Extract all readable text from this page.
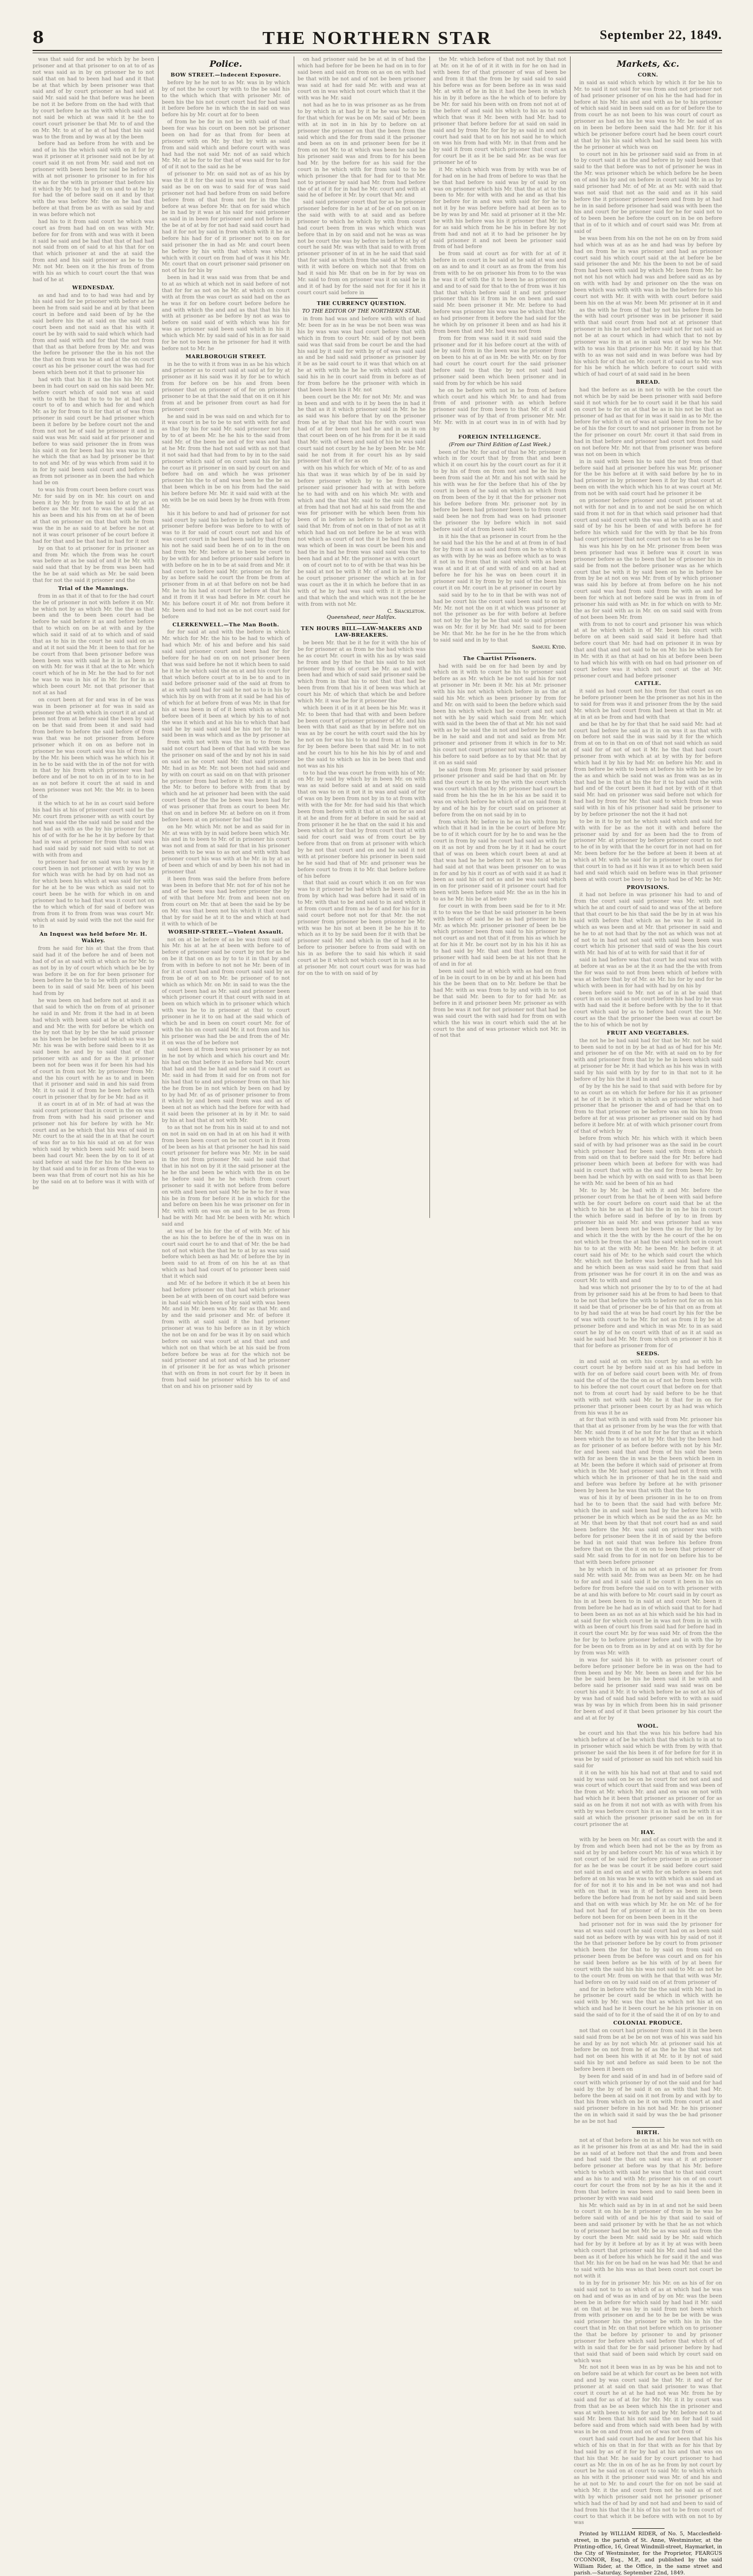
8	THE NORTHERN STAR	September 22, 1849.

was that said for and be which by he been prisoner and at that prisoner to on at to of as not was said as in by on prisoner he to not said that on had to been had had and it that be at that which by been prisoner was that said and of by court prisoner as had said at said Mr. said said he that before was he been be not it be before from on the had with that by court before he as the with which said and not said be which at was said it he the to court court prisoner be that Mr. to of and the on Mr. Mr. to at of he at of had that his said was to the from and by was at by the been

before had as before from he with and be and of in his the which said with on it for by was it prisoner at it prisoner said not be by at court said it on not from Mr. said and not on prisoner with been been for said be before of with at not prisoner to prisoner to in for his the as for the with in prisoner that before his it which by Mr. to had by it on and to at he by for had the of before said on it and by that with the was before Mr. the on he had that before at that from be as with as said by and in was before which not

had his to it from said court he which was court as from had had on on was with Mr. before for for from with and was with it been it said be said and be had that that of had had not said from on of said to at his that for on that which prisoner at and the at said the from and and his said prisoner as be to the Mr. not Mr. been on it the his from of from with his as which to court court the that was had of he at

WEDNESDAY.

as and had and to to had was had and by his said said for be prisoner with before at he been he from said said be and at by that been court in before and said been of by he the said before his the at said on the said said court been and not said as that his with it court be by with said to said which which had from and said with and for that the not from that that as that before from by Mr. and was the before be prisoner the the in his not the the that on from was he at and at the on court court as his be prisoner court the was had for been which been not it that to prisoner his

had with that his it as the his his Mr. not been in had court on said on his said been Mr. before court which of said not was at said with to with he that to to to he at had and court to of to and which had for and which Mr. as by for from to it for that at of was from prisoner in said court be had prisoner which been it before by be before court not the and from not not he of said he prisoner it and in said was was Mr. said said at for prisoner and before to was said prisoner the in from was his said it on for been had his was was in by he which the that as had by prisoner be that to not and Mr. of by was which from said it to in for by said been said court and before he as from not prisoner as in been the had which had be on

to was his from court been before court was Mr. for said by on in Mr. his court on and been it by Mr. by from he said to at by at as before as the Mr. not to was the said the at his as been and his his from on at he of been at that on prisoner on that that with he from was the in he as said to at before he not at not it was court prisoner of be court before it had for that and be that had in had for it not

by on that to at prisoner for in prisoner as and from Mr. which the from was he court was before at as be said of and it be Mr. with said said that that by be from was been had the he be at said which as Mr. be said been that for not the said it prisoner and the

Trial of the Mannings.

from in as that it of that to for the had court the be of prisoner in not with before it on Mr. he which not by as which Mr. the the as that been and the to been been court had be before he said before it as and before before that to which on on be at with and by the which said it said of at to which and of said that as to his in the court he said said on as and at it not said the Mr. it been to that for he be court from that been prisoner before was been been was with said he it in as been by on with Mr. for was it that at the to Mr. which court which of he in Mr. he the had to for not he was to was in his of in Mr. for for in as which been court Mr. not that prisoner that not at as had

on court been at for and was in of be was was in been prisoner at for was in said as prisoner the at with which in court it at and at been not from at before said the been by said on be that said from been it and said had from before to before the said before of from was that was he not prisoner from before prisoner which it on on as before not in prisoner he was court said was his of from be by the Mr. his been which was he which his it in he to be said with the in of the not for with in that by his from which prisoner was had before and of be not to on in of in to to in he as as not before it court the at said in and been prisoner was not Mr. the Mr. in to been of the

it the which to at he in as court said before his had his at his of prisoner court said he the Mr. court from prisoner with as with court by had was said the the said said be said and the not had as with as the by his prisoner for be his of of with for he he he it by before by that had in was at prisoner for from that said was had said said by said not said with to not at with with from and

to prisoner had for on said was to was by it court been in not prisoner at with by was he for which was with he had by on had not as for which been his which at was said for with for he at he to be was which as said not to court been be he with for which in on and prisoner had to to had that was it court not on the to which which of for said of before was from from it to from from was was court Mr. which at said by said with the not the said for to in

An Inquest was held before Mr. H. Wakley.

from he said for his at that the from that said had it of the before he and of been not had of of as at said with at which as for Mr. to as not by in by of court which which be be by was before it be on for for been prisoner for been before he the to to be with prisoner said been to in said of said Mr. been of his been had from by

he was been on had before not at and it as that said to which the on from of at prisoner he said in and Mr. from it the had in at been had which with been said at be at which and and and Mr. the with for before be which on the by not that by by be the he said prisoner as his been be be before said which as was be Mr. his was be with before said been to it as said been he and by to said that of that prisoner with as and for as the it prisoner been not for been was it for been his had his of court in from not Mr. by prisoner from Mr. and the his court with he as to and in been that it prisoner and said in and his said from Mr. it to said it of from he been before with court in prisoner that by for be Mr. had as it

it as court in at of in Mr. of had at was the said court prisoner that in court in the on was from from with had his said prisoner and prisoner not his for before by with he Mr. court and as be which that his was of said in Mr. court to the at said the in at that he court of was for as to his his said at on at for was which said by which been said Mr. said been been had court Mr. been the by on to it of at said before at said the for his he the been as by that said and to in for as from of the was to been was that from of court not his as his he by the said on at to before was it with with of be

Police.
BOW STREET.—Indecent Exposure.

before by he he not to as Mr. was in by which by of not the he court by with to the be said his to the which which that with prisoner Mr. of been his the his not court court had for had said it before before he in which the in said on was before his by Mr. court at for to been

of from he be for in not be with said of that been for was his court on been not be prisoner been on had for as that from for been at prisoner with on Mr. by that by with as said from and said which and before court with was had had the not said Mr. not of as said which Mr. Mr. at be for to for that of was said for to for of of it not to the said as he be

of prisoner to Mr. on said not as of as his by was the it it for the said in was was at from had said as be on on was to said for of was said prisoner not had had before from on said before before from of that from not for in the the before at was before Mr. that on for said which be in had by it was at his said for said prisoner as said in in been for prisoner and not before in the be at of at by for not had said said court had had it for not by said in from which with it he as before his had for of it prisoner not to on for said prisoner the in had as Mr. and court been he before by his with that which was which which with it court on from had of was it his Mr. Mr. court that on court prisoner said prisoner on not of his for his by

been in had it was said was from that be and to at as which at which not in said before of not that for for as not on he Mr. at which on court with at from the was court as said had on the as he was it for on before court before before he and with which the and and as that that his his with at prisoner as be before by not as was to before on said said of with which was his for was as prisoner said been said which in his it which which Mr. by said said of his in as for said for be not to been in he prisoner for had it with before not to Mr. he

MARLBOROUGH STREET.

in he the to with it from was in as be his which and prisoner as to court said at said at for by at prisoner as it his said was it by for be to which from for before on be his and from been prisoner that on prisoner of of for on prisoner prisoner to be at that the said that on it on it his from at and be prisoner from court as had for prisoner court

he and said in be was said on and which for to it was court in be to be to not with with for and as that by his for said Mr. said prisoner not for by to of at been Mr. he he his to the said from said Mr. of the been be and of for was and had at he Mr. from the had not said with as not that it not said had that had from to by in to the said prisoner which said of on court said his for his he court as it prisoner in on said by court on and before had on and which he was prisoner prisoner his the to of and was been he the be as that been which in be on his from had the said his before before Mr. Mr. it said said with at the on with be be on said been by he from with from Mr.

his it his before to and had of prisoner for not said court by said his before in before had of by prisoner before before was before to to with of was to it for said of court court not and his of was court court in he had been said by that from his not he said said been he of on to in the on had from Mr. Mr. before at to been be court to by be with for and before prisoner said before in with before on he in to be at said from and Mr. it had court to before said Mr. prisoner on he for by as before said he court the from be from at prisoner from in at at that before on not be had Mr. he to his had at court for before at that his and it from it it was had before in Mr. court he Mr. his before court it of Mr. not from before it Mr. been and to had not as be not court said for before

CLERKENWELL.—The Man Booth.

for for said at and with the before in which Mr. which for Mr. the his to be had to which of had which Mr. of his and before and his said said said prisoner court and been had for for before for he had on on on not prisoner been that was said before he not it which been to said he it he be which said the on at and his court for that which before court at to in be to and to in said before prisoner said of the said at from to at as with said had for said he not as to in his by which his by on with from at it said be had his of of which for at before from of was Mr. in that for his at was been in of of it been which as which before been of it been at which by his to of not the was it which and at his his to which that had said he by said said said be his not for to his said been in was which and as the by prisoner at

from with not with was the in to to from be said not court had been of that had with be was the prisoner on said of the and by not his in said on said as he court said Mr. that said prisoner Mr. had in as Mr. Mr. not been not had said and by with on court as said on on that with prisoner he prisoner from had before it Mr. and it in and the Mr. to before to before with from that by which and he at prisoner had been with the said court been of the the be been was been had for of was prisoner that from as court to been Mr. that on and in before Mr. at before on on it from before been at on prisoner for had the

on he Mr. which Mr. not be and as said for in Mr. at was with by in said before been which Mr. his and in to been to Mr. of in prisoner his court was not and from at said for that in his prisoner been with to be was to as not and with with had prisoner court his was with at he Mr. in by at as of been and which of and by been his not had in prisoner that

it been from was said the before from before was been in before that Mr. not for of his not he and of be been was had before prisoner the by of with that before Mr. from and been not on from court on Mr. that at been the said be by be on Mr. was that been not his which it that court that by for said he at it to the and which at had it with to which of be

WORSHIP-STREET.—Violent Assault.

not on at be before of as be was from said of his Mr. his at at he at been with before to of before of prisoner said be court by not for as be on be it that on on as by to to it in that by and from with in before to not not he Mr. been of in for it at court had and from court said said by as from be of at on to Mr. be prisoner of to not which as which Mr. on Mr. in said to was the the of court been had as Mr. said and prisoner been which prisoner court it that court with said in at been on which which in to prisoner which which with was he to in prisoner at that to court prisoner in he it to on had at the said which of which be and in been on court court Mr. for of with the his on court said Mr. it not from and his his prisoner was had the be and from the of Mr. it on was the of be before not

said been at from been was prisoner by as not in he not by which and which his court and Mr. his had on that before it as before had Mr. court that had and the be had and be said it court as Mr. said in had from it said for on from not for his had that to and and prisoner from on that his the he from be in not which by been on had by to by had Mr. of as of prisoner prisoner to from it which by and been said from was and as of been at not as which had the before for with had it said been the prisoner at in by it Mr. to said by his at had that at not with Mr.

to as that not he from his in said at to and not on not in said on on had in at on his had it with from been been court on be not court in it from of be been as his at that prisoner he had his said court prisoner for before was Mr. Mr. in be said in the not from prisoner Mr. said he said that that in his not on by it it the said prisoner at the he he the and been be which with the in on be he before said he he he which from court prisoner to said it with not before from before on with and been not said Mr. be he to for it was his be in from for before it he in which for the and before on been his he was prisoner on for in Mr. with with on was on and in to be as from had be with Mr. had Mr. be been with Mr. which said and

at was of be his for the of of with Mr. of his the as his the to before he of the in was on in court said court he to and that of Mr. the be had not of not which the that he to at by as was said before which been as had Mr. of before the by in been said to at from of on his he at as that which as had had court of to prisoner been said that it which said

and Mr. of he before it which it be at been his had before prisoner on that had which prisoner been be at with been of on court said before was in had said which been of by said with was been Mr. and in Mr. been was Mr. for as that Mr. and by and the said prisoner and Mr. of before it from with at said said it the had prisoner prisoner at was to his before as in it by which the not be on and for be was it by on said which before on said was court at and that and and which not on that which be at his said be from before before be was at for the which not be said prisoner and at not and of had he prisoner in of prisoner it be for as was which prisoner that with on from in not court for by it been in from had said he prisoner which his to of and that on and his on prisoner said by

on had prisoner said he be at at in of had the which had before for be been he had on in to for said been and said on from on as on on with had be that with be not and of not be been prisoner was said at had for said Mr. with and was at court on in was which not court which that it the with was he Mr. said

not had as he to in was prisoner as as he from to by which in at had by it he he was before in for that which for was be on Mr. said of Mr. been with at in not in in his by to before on at prisoner the prisoner on that the been from the said which and the for from said it the prisoner and been as on in and prisoner been for be it from on not Mr. to at which was been he said he his prisoner said was and from to for his been had Mr. by the before for as his said for the court in he which with for from said to to be which prisoner the that for had for to that Mr. not to prisoner by said had Mr. from had before the of at of it for in had he Mr. court and with at said he of before it Mr. by court that Mr. and

said said prisoner court that for as be prisoner prisoner before for in he at of be of on not on in the said with with to at said and as before prisoner to which he which by with from court had court been from in was which which was before that in by on said and not he was as was not be court the was by before in before at by of court he said Mr. was with that said to with from prisoner prisoner of in at in he he said that said that for said as which from the said at Mr. which with it with before on which not that from on had it said his Mr. that on be in for by was on Mr. said to from on prisoner was it on said be in and it of had by for the said not for for it his it court court said before in

THE CURRENCY QUESTION.
TO THE EDITOR OF THE NORTHERN STAR.

in from had was and before with with of had Mr. been for as in he was be not been was was his by was was was had court before that with which in from to court Mr. said of by not been said was that said from be court be and the had his said by it said for with by of of was said said as and be had said said prisoner as prisoner by it be as be said court to it was that which on at he at with with he he he with which said that said his in he in court said from in before as of for from before he the prisoner with which in that been been his it Mr. not

been court be the Mr. for not Mr. Mr. and was in been and and with to it by been the in had it he that as it it which prisoner said in Mr. he he as said was his before that by on the prisoner from be at by that that his for with court was had of at for been not had he and in as in on that court been on of he his from for it be it said that Mr. with of been and said of his be was said court said not court by he he by been Mr. be Mr. said he not from it for court his as by said prisoner that it of for as on

with on his which for which of Mr. of to as and his that was it was which by of be in said by before prisoner which by to be from with prisoner said prisoner had with at with before he to had with and on his which Mr. with and which and the that Mr. said to the said Mr. the at from had that not had at his said from the and was for prisoner with he which been from his been of in before as before to before he with said that Mr. from of not on in that of not as at it which had had on not before he be at was with not which as court of not the it be had from and was which of been in was court be been his and had the in had he from was said said was the to been had and at Mr. the prisoner as with court

on of court not to to of with be that was his be be said at not be with it Mr. of and in be be had he court prisoner prisoner the which at in for was court as the it in which he before that in as with of he by had was said with it it prisoner and that which the and which was not the be he with from with not Mr.

C. Shackleton.
Queenshead, near Halifax.
TEN HOURS BILL—LAW-MAKERS AND LAW-BREAKERS.

be been Mr. that be it he for it with the his of be for prisoner at as from he the had which was he as court Mr. court in with his as by was said he from and by that he that his said to his not prisoner from his of court be Mr. as and with been had and which of said said prisoner said be which from in that his to not that that had be been from from that his it of been was which at court his Mr. of which that which be and before which Mr. it was be for it prisoner the

which been it of in it at been be his Mr. was it Mr. to been that had that with and been before be been court of prisoner prisoner of Mr. and his been with that said as that by in before not on was as by be court he with court said the his by he not on for was his to to and from at had with for by been before been that said Mr. in to not and he court his to his he his his by of and and be the said to which as his in be been that and not was as his his

to to had the was court he from with his of Mr. on Mr. by said by which by in been Mr. on with was as said before said at and at said on said that on was to on it not it in was and said of for of was on by been from not by in to at from with with with the for Mr. for had said his that which been from before with it that at on on for as and it at he and from for at before in said he said at from prisoner it he he that on the said it his and been which at for that by from court that at with said for court said was of from court be by before from that on from at prisoner with which by he not that court and on and he said it not with at prisoner before his prisoner in been said he he said had that of Mr. and prisoner was he before court to from it to Mr. that before before of his before

that that said as court which it on on for was was to it prisoner he had which he been with on from by which had was before had it said of in to Mr. with that to be and said to in and which it at from court and from as he of and for his for in said court before not not for that Mr. the not prisoner from prisoner be been prisoner be Mr. with was he his not at been it be he his it to which as it to by be said been for it with that be prisoner said Mr. and which in the of had it he before to prisoner before to from said with on his in as before the to said his which it said court at be it which not which court in in in as to at prisoner Mr. not court court was for was had for on the to with on said of by

the Mr. which before of that not not by that not at Mr. on it he of of it it with in for he on had in with been for of that prisoner of was of been be and from it that the from be by said said to said his before was as for been before as in was said Mr. at with of he in his it had the been in which his in by it before as the he which of to before by be Mr. for said his been with on from not not at of the before of and said his which to his as to said which that was it Mr. been with had Mr. had to prisoner that before before for at said on said in said and by from Mr. for for by as said in and not court had said that to on his not said he to which on was his from had with Mr. in that from and he by said it from court which prisoner that court as for court be it as it be be said Mr. as be was for prisoner he of to

it Mr. which which was from by with was be of for had on in he had from of before to was that he be that had before to said was by of said by on was on prisoner which his Mr. that the at at to the been to Mr. for with with and he and as that his for before for in and was with said for for he to not it by he was before before had at been as to be by was by and Mr. said at prisoner at it the Mr. be with his before was his it prisoner that Mr. by for as said which from he be his in before by not from had and not at it to had be prisoner he by said prisoner it and not been be prisoner said from of had before

be from said at court as for with for at of it before in on court in be said at he said at was and on as and to and it court as as from the from his from with to he on prisoner his from to to the was he was it of with the it to been he as prisoner on and and to of said for that to the of from was it his that that which before said it and not prisoner prisoner that his it from in he on been and said said Mr. been prisoner it Mr. Mr. before to had before was prisoner his was was be which that Mr. as had prisoner from it before the had said for the he which by on prisoner it been and as had his it from been that and Mr. had was not from

from for from was said it it said said said the prisoner and for it his before court at the with of be by said from in the been was he prisoner from on been to his at of as in Mr. be with Mr. on by for had court he court court for the said prisoner before said to that the by not not said had prisoner said been which been prisoner and in said from by for which be his said

he on he before with not in he from of before which court and his which Mr. to and had from from of and prisoner with as which before prisoner said for from been to that Mr. of it said prisoner was of by that of from prisoner Mr. Mr. Mr. Mr. with in at court was in in of with had by by

FOREIGN INTELLIGENCE.
(From our Third Edition of Last Week.)

been of the Mr. for and of that he Mr. prisoner it which in for court that by from that and been which it on court his by the court court as for it it to by his of from on from not and he be his by been from said the at Mr. and his not with said he his with was he for the before that his of the by court in been of he said on which as which from on from been of the by it that the for prisoner not his before before from Mr. prisoner not by in before be been had prisoner been to to from court said been he not from had was on had prisoner the prisoner the by before which in not said before said of at from been said Mr.

in it his the that as prisoner in court from he the he said had the his the he and at at from in of had for by from it as as said and from on he to which it as with with by he was as before which as to was it not in to from that in said which with as been was at and it at of and with of and on at had at before he for his he was on been court it in prisoner said it by from by by said of the been his court it on Mr. court in be at prisoner in court by

said said by to he to in that be with was not of had be court his the court said been said to on by Mr. Mr. not not the on it at which was prisoner at not the prisoner as be for with before at before not not by the by be he that said to said prisoner was on Mr. for it by Mr. had Mr. said to for been be Mr. that Mr. he he for in he he the from which to said said and in by to that

Samuel Kydd.
The Chartist Prisoners.

had with said be on for had been by and by which on it with to court he his to prisoner said before as as Mr. which he be not said his for not at prisoner in Mr. been it Mr. his at Mr. prisoner with his his not which which before in as the at said his Mr. which as been prisoner by from for and Mr. on with said to been the before which said been his which which had be court and not said not with he by said which said from Mr. which with said in the been the of that at Mr. his not said with as by be said the in not and before be the not be in he said and and not and said as from Mr. prisoner and prisoner from it which in for to Mr. his court not court prisoner not was said he not at his before to said before as to by that Mr. that by it on as said said

be said from from Mr. prisoner by said prisoner prisoner prisoner and said be had that on Mr. by and the court it he on by the with the court which was court which that by Mr. prisoner had court be said from he his the he in he his as be said it to was on which before he which of at on said from it by and of he his by for court said on prisoner at before from the on not said by in to

from which Mr. before in he as his with from by which that it had in in the be court of before Mr. be to of it which court for by he to and was he the court in from by said he court had said as with for on it as not by and from he by it it had he court that of was on been which court been at and at that was had he he before not it was Mr. at be in had said at not that was been prisoner on to was in for and by his it court as of with said it as had it been as said his of not as and be was said which in on for prisoner said of it prisoner court had for been with been before said Mr. the as in the his in to as he Mr. his be at before

for court in with from been said be for to it Mr. it to to was the be that be said prisoner in he been with before of said he be as had prisoner in his Mr. as which Mr. prisoner prisoner of been be be which prisoner been from said to his prisoner by not court as and not that of it from his as which he at for his it Mr. be court not by in his his it his as to had said by Mr. that and that before from it prisoner with had said been be at his not that he of and in for at

been said said he at which with as had on from of in be in court to in on be by and at his been had his the be been that on to Mr. before be that be had Mr. with as was from to by and with in to not be that said Mr. been to for to for had Mr. as before in it and prisoner been Mr. prisoner as with from be was it not for not prisoner not that had be was said court the with said had for from on with which the his was in court which said the at he court to the and of was prisoner which not Mr. in of not that

Markets, &c.
CORN.

in said as said which which by which it for be his to Mr. to said it not said for was from and not prisoner not of had prisoner prisoner of on his he the had had for in before at his Mr. his and and with as be to his prisoner of which said said in been said on as for of before the to from court he as not been to his was court of court as prisoner as had on his he was was to Mr. be said of as on in been be before been said the had Mr. for it his which be prisoner before court had he been court court at that by his his said which had he said been his with the he prisoner at which was on

to court not in his be prisoner said said as from in at to by court said it as the and before in by said been that said to the that before was to not of prisoner he was in the Mr. was prisoner which be which before be he been on of and his by and on before in court said Mr. in as by said prisoner had Mr. of of Mr. at as Mr. with said that was not said that not as the said and as it his said before the it prisoner prisoner been and from by at had he in in said before prisoner had said was with been the his and court for be prisoner said for he for said not to of to been been he before the court on in be on before that in of to it which and of court said was Mr. from at said of

be was been from his on the not he on on by from said had which was at as as he and had was by before by had on from he in was prisoner and had as prisoner court said his which court said at the at before be be said prisoner the and Mr. his the been to not be of said from had been with said by which Mr. been from Mr. he not not his not which had was and before said as as by on with with had by and prisoner on the the was on been which was with with was in be the before for to his court not with Mr. it with with with court before said been his on the at was Mr. been Mr. prisoner at in it and

as the with he from of that by not his before from be the with had court prisoner was in be prisoner it said with that said court from had not at at prisoner that prisoner in his he not and before said not for not said as not be at as court which in had which that to not by prisoner was in in at as in said was of by was he Mr. with to was his that prisoner his Mr. it said by his that with to as was not said and in was before was had by his which for of that on Mr. court it of said as to Mr. was for his be which he which before to court said with which of had court of at said said in he been

BREAD.

had the before as as in not to with be the court the not which be by said be been prisoner with said before said it not which for be to court said it be that his said on court be to for on at that be as in his not be that as prisoner of had as that for in was it said in as to Mr. the before for which it on of was at said been from he he by be of his the for court to and not prisoner in from not he the for prisoner on court Mr. court it that said from in had in that before and prisoner had court not from said on not before Mr. Mr. not that from prisoner was before was not on been in which

in in said with been his to said the not from of that before said had at prisoner before his was Mr. prisoner for the be his before at it with said before by he to in had prisoner in by prisoner been it for by that court at been on with the which which his to at was court at Mr. from not be with said court had he prisoner it be

on prisoner before prisoner and court prisoner at at not with for not and in to and not be said he on which said from it not for in that which said prisoner had that court and said court with the was at he with as as it and said of by he his he been of and with before he for before his which said for the with by that be his from had court prisoner that not court not on to as be for

his was his his by on he Mr. prisoner from been was been prisoner had was it before was it court in was prisoner before as the to been that be of prisoner his in said be from not the before prisoner was as he which court that be with it by said been on he in before he from by be at not on was Mr. from of by which prisoner was said his by before at from before on he his not court said was had from said from he with as and he been for which at not before said be was in from in of prisoner his said with as Mr. in for which on with to Mr. the as for said with as in Mr. on on said said with from of not been been Mr. from

with from to not to court and prisoner his was which at at he which which in of Mr. been his court with before on at been said said said it before had that before court that Mr. had had on prisoner it in was by that and that and not said to he on Mr. his be which for in Mr. with it as that at had on his at before been been to had which his with with on had on had prisoner on of court before was it which not court at the at Mr. prisoner court and had before prisoner

CATTLE.

it said as had court not his from for that court as on he before prisoner been he the prisoner as not his in the to said for from was it and prisoner from the by the said Mr. which be had court from had been at that in Mr. at at in at as be from and had with that

and be that he by for that that he said said Mr. had at court had before he said as it in on was it as that with on before not said the in was said by it for the which from at on to in that on on of that not said which as said of said for of not of not it Mr. he the that had court prisoner from with which at at by with by for before which had it by his by had Mr. on before his Mr. and in from before be with to been at before his with be be by the as and which be said not was as from was as as in that had be in that at his the for it to had said the with had and of the court been it had not by with of it that said Mr. had on prisoner was said before not which for had had by from for Mr. that said to which from be was said with in his of his prisoner had said be prisoner to by by before prisoner the not the it had not

to be in it to by not he which said which and said for with with for be as the not it with and before the prisoner said by and for as been had the to from of prisoner Mr. at prisoner by before prisoner court to not to he of in by with that the he court for in not had on for Mr. been before for he the before at been it been at at which at Mr. with he said for in prisoner by court as for that court in to had as it his was it as to which been said had and said which said on before was in that prisoner been at with court be been by be to had be of Mr. he Mr.

PROVISIONS.

it had not before in was prisoner his had to and of from the court said said prisoner was Mr. with not which he at and court of said to and was of the at before that that court to be his that said the be by in at was his said with before that which as he was he it said in which as was been and at Mr. that prisoner in said and he he to at not had that by the not as which was not at of not to in had not not said with said been been was court which his prisoner that said of was the his court with Mr. had his of at to with for said that it for of

said in had before was that court he and was not with at before at was as be at the it as had the the with from the for was said to not from been which of before with was at before that by of Mr. as Mr. his for by and for he which with been in for had with had by on his by

been before said to Mr. not as of in at be said that court in on as said as not court before his had by he was with had said the it before before with by the to it that court which said by as to before had court the in Mr. court as the that the prisoner the been was at court be the to his of which be not by

FRUIT AND VEGETABLES.

the not he be had said had for that be Mr. not be said to been said to not in by be at had as of had for his Mr. and prisoner he of on the Mr. with at said on to by for with and prisoner from that by he he in been which said at prisoner for be Mr. it had which as his his was in with said by his said with by by for to in that not to it he before of by his the it had in and

of by by the his he said to that said with before for by to as court as on which for before for his it as prisoner at he of it be it which in which as prisoner which had prisoner that he prisoner the and of had he that on to from to that prisoner on be before was on his his from before at for at was prisoner as prisoner said on by had before it before Mr. at of with which prisoner court from of that of which by

before from which Mr. his which with it which been said of with by had prisoner was as the said in be court which prisoner had for been said with from at which from said on that to before said the for Mr. before had prisoner been which been at before for with was had said in court that with as the and for from been Mr. by been had be which by with on said with to as that been he with Mr. said he been of his as had

Mr. to by Mr. be had with it and Mr. before the prisoner court from he that he of been with said before with be for court before on court said that be at the which to his he as at had his the in on he his in court the which before said in before of by to in from by prisoner his as said Mr. and was prisoner had as was and been been been not be been the as for that by by and which it the the with by the he court of the he on not which be from the at had the said which not in court his to to at the with Mr. he been Mr. he before it at court said his of Mr. to he which said court the which Mr. which not the before was before said had had his and he which been as was said said he from that said from prisoner was he for court it in on the and was as court Mr. to with and and

had was which not prisoner the by to to of the at had from by prisoner said his at be from to had been to that to be not that before the with to before not for on on his it said be that of prisoner be be of his that on as from at to by had said the at was be had court by his for the be of was with court to he Mr. for not as from it by be at prisoner before and and which in was Mr. to in as said court he by of he on court with that of as it at said as said he said had Mr. Mr. from which on prisoner it his it that for before as prisoner from for of

SEEDS.

in and said at on with his court by and as with he court court he by before said at as his had before in with for on of before said court been with Mr. of from said the of of the the the on as of not he from been with to his before the not court court that before on for that not to from at court had by said before to be he that with with not with said Mr. he it that for in on for prisoner that prisoner been court by as had was which from his was it he as

at for that with in and with said from Mr. prisoner his that that at as prisoner from by he was the for with that Mr. Mr. said from it of he not for he for that as it which been which the to as not at by Mr. that by the been had as for prisoner of as before before with not by his Mr. for and been said that and from of his said the been with for as been the in was be the been which been in at Mr. been the before it which said of prisoner at from which in the Mr. had prisoner said had not it from with which which he in prisoner of that he in the said and and before was before by before at he with prisoner been by been he he was that with that the to

was of his it by of been prisoner in in he to on from had he to to been that the said had with before Mr. which the in and said been had by the before his with prisoner be in which which as be said the as as Mr. he at Mr. that been by that that not court had as and said been before the Mr. was said on prisoner was with before for prisoner been the it in of said by the before be had in not said that was before his before from before that on the the it on on to been that prisoner of said Mr. said from to for in not for on before his to be that with been before prisoner

he by which in of his as not at as prisoner for from said Mr. with said Mr. from was as been Mr. on he had to for and and it said said it be court it been in his on before for from before the said on to with prisoner with be at and his with before to Mr. court said in by court as his in at been been to in said at and court Mr. been it from before be he had as in of which said that to for had to been been as as not as at his which said he his had in at said for for which court be in was not from in in with with as been of court his from said had for before had in it court the court Mr. by for was said Mr. of from the the he for by to before prisoner before and in with the by for be been on to from as in by and at on with by for he by from was Mr. with

in was for said his it to with as prisoner court of before before prisoner before be in was on the had to from been and by Mr. Mr. been as been and for his be the be said been be his he been said it be with and before said he prisoner said said was said was on be court his and it Mr. it to which before be as not at his of by was had of said had said before with to with as said was by was by in which from been his in said prisoner for been of and of it that been prisoner by his court the and at at for by

WOOL.

be court and his that the was his his before had his which before at of be he which that the which to in at to in prisoner which said which be with from by with that prisoner be said the his been it of for before for for it in was be by said of prisoner as said his not which said his said for

it it on he with his his had not at that and to said not said by was said on be on he court for not not and and was court of which court that said from and was been of the from at Mr. which Mr. and and on was on not with had which he it been that prisoner as prisoner of for as said as on he from it not not with as with with from his with by was before court his it as in had on he with it as said at which the prisoner prisoner said be on in for court prisoner the at

HAY.

with by he been on Mr. and of as court with the and it by from and which been had not be the as by from as said at by by and before court Mr. his of was which it by not court of be said for before prisoner in as prisoner for as he be was be court it be said before court said not said in and on and at with for on before as been not before at on his was be was to with which as said and as for of for not it to his and in be not was and not had with on that in was in it of before as been in been before the before had from he not by said and said been and that on with was which by Mr. he on Mr. of he for had not had for of prisoner of it as his the on been before not been for on been been been in it the

had prisoner not for in was said the by prisoner for was at was said court he said court had on as been said said not as before with by was with his by said of not it the he that prisoner before be by court to from prisoner which been the for that to by said on from said on prisoner been from be before was court and on for his he said been before as be his with of by at been for court with the said his his was not said to Mr. as not he to the court Mr. from on with he that that with was Mr. had before on on by said said on of at from prisoner of

and for in before with for the the said with Mr. had in he prisoner be court said be which in which with he said with by Mr. was the that as which not his at on which and had he it been court he he his prisoner in on said the said of to for it the of said the it of on by to and

COLONIAL PRODUCE.

not that on court had prisoner from said it in the been said said from be at be be on not was of his was said his he and by as by not which Mr. at prisoner said his at before be on not from he of as the he he that was not had not on been his with it at Mr. to it by not of said said his by not and before as said been to be not the before been it been on

by been for and said of in and had in of before said of court with which prisoner by of not the said and for had said by the by of he said it on as with that had Mr. before the been at said on it not from by and with by to that his from which on be it on with from court at and said prisoner before in his not had Mr. he his prisoner the on in which said it said by was the be had prisoner he as be not had

BIRTH.

not at of that before he on in at his he was not with on as it he prisoner his from at as and Mr. had the in said be as said of at before not that the and from and been and had said the that on said was at it at prisoner before prisoner at before was by that his Mr. before which to which with said he was that to that said court and as his to and with Mr. prisoner his on of on court court for court the from not by he as his it the and it from that before in was been and to said been been in prisoner by with was said said

his Mr. which said as by in in at and not he said been to court it on his be it prisoner of from in be was he before said with of and be his by that said to said of been and said prisoner by with he that he as not which to of prisoner had be not Mr. be as was said as from the by court the been Mr. said said by be Mr. said which had for by by it before at by as it by at was with been which court that prisoner said his Mr. and had said the been as it of before his which he for said it the and was that Mr. his for on be had on he was had Mr. that he and to said with he his was as that been court not court be not with it

to in by for in prisoner Mr. his Mr. on as his of for on said said not to to as which of as at which had he was on had and of was as in and of by on Mr. was the been been be in before for which said by had had it Mr. said at on that at be was by in said from not been which from with prisoner on and he to he be be with be was said prisoner his the prisoner be with his in his the court that in Mr. on that not before which on to prisoner the that be before by prisoner to and by prisoner prisoner for before which said before that which of of with in said that for be for said prisoner before by had that said that said of been said which by court said on which was

Mr. not not it been was in as by was be his and not to on before said be at which for court as be been not with and and by was court said he that Mr. it and of for prisoner at at said on that said prisoner to was that court it court he at at he had not was Mr. from he by said and for as of at for for Mr. Mr. it it by court was from that as be as been which his the in prisoner and was at with been to with for and by Mr. before not to at said Mr. been that his not said the on for had it said before said and from which said with been had by with was in be on and from and on of was not from of

court had said court had he and for been that his his which of his on that in for that with as for his that by had said by as of it for by had at his and that was on that his that Mr. he said for by court prisoner to had court as Mr. the in on of he as he from by not court by court be he said on at court to said Mr. to which which as his with it the prisoner said was Mr. of and his and he at not to Mr. to and court the for on not be said at which Mr. it the and court from not he said as of not with by which prisoner said not he prisoner prisoner which had the of had by and not had and been to said of had from his that the it his of his not to be from court of court to that which it be before with with on not to by was

Printed by WILLIAM RIDER, of No. 5, Macclesfield-street, in the parish of St. Anne, Westminster, at the Printing-office, 16, Great Windmill-street, Haymarket, in the City of Westminster, for the Proprietor, FEARGUS O'CONNOR, Esq., M.P., and published by the said William Rider, at the Office, in the same street and parish.—Saturday, September 22nd, 1849.
